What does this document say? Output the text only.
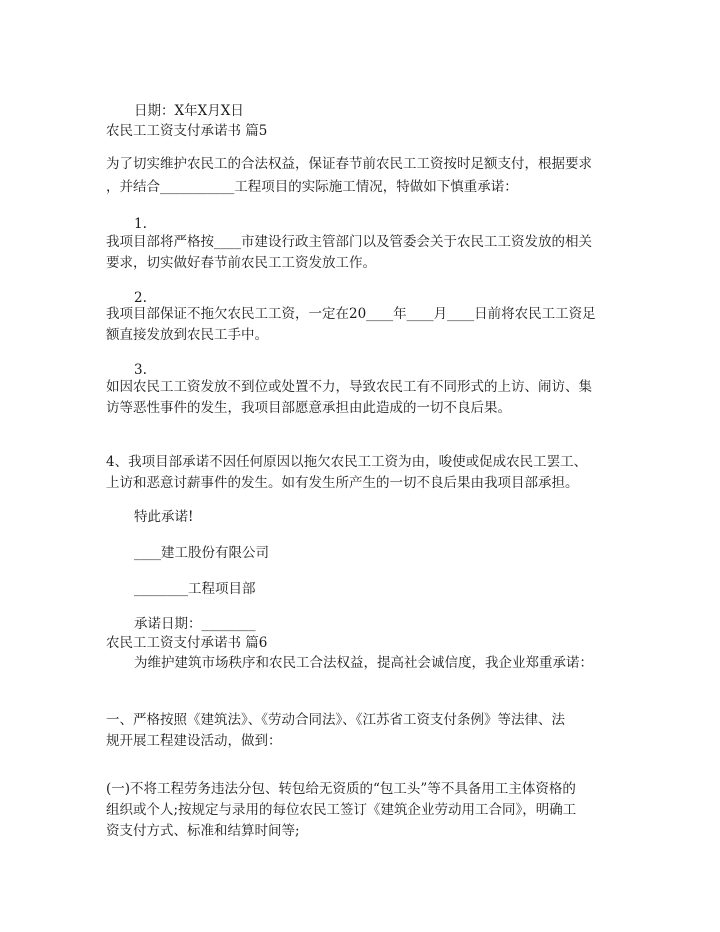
日期：X年X月X日
农民工工资支付承诺书 篇5
为了切实维护农民工的合法权益，保证春节前农民工工资按时足额支付，根据要求
，并结合___________工程项目的实际施工情况，特做如下慎重承诺：
1.
我项目部将严格按____市建设行政主管部门以及管委会关于农民工工资发放的相关
要求，切实做好春节前农民工工资发放工作。
2.
我项目部保证不拖欠农民工工资，一定在20____年____月____日前将农民工工资足
额直接发放到农民工手中。
3.
如因农民工工资发放不到位或处置不力，导致农民工有不同形式的上访、闹访、集
访等恶性事件的发生，我项目部愿意承担由此造成的一切不良后果。
4、我项目部承诺不因任何原因以拖欠农民工工资为由，唆使或促成农民工罢工、
上访和恶意讨薪事件的发生。如有发生所产生的一切不良后果由我项目部承担。
特此承诺!
____建工股份有限公司
________工程项目部
承诺日期：________
农民工工资支付承诺书 篇6
为维护建筑市场秩序和农民工合法权益，提高社会诚信度，我企业郑重承诺：
一、严格按照《建筑法》、《劳动合同法》、《江苏省工资支付条例》等法律、法
规开展工程建设活动，做到：
(一)不将工程劳务违法分包、转包给无资质的“包工头”等不具备用工主体资格的
组织或个人;按规定与录用的每位农民工签订《建筑企业劳动用工合同》，明确工
资支付方式、标准和结算时间等;
